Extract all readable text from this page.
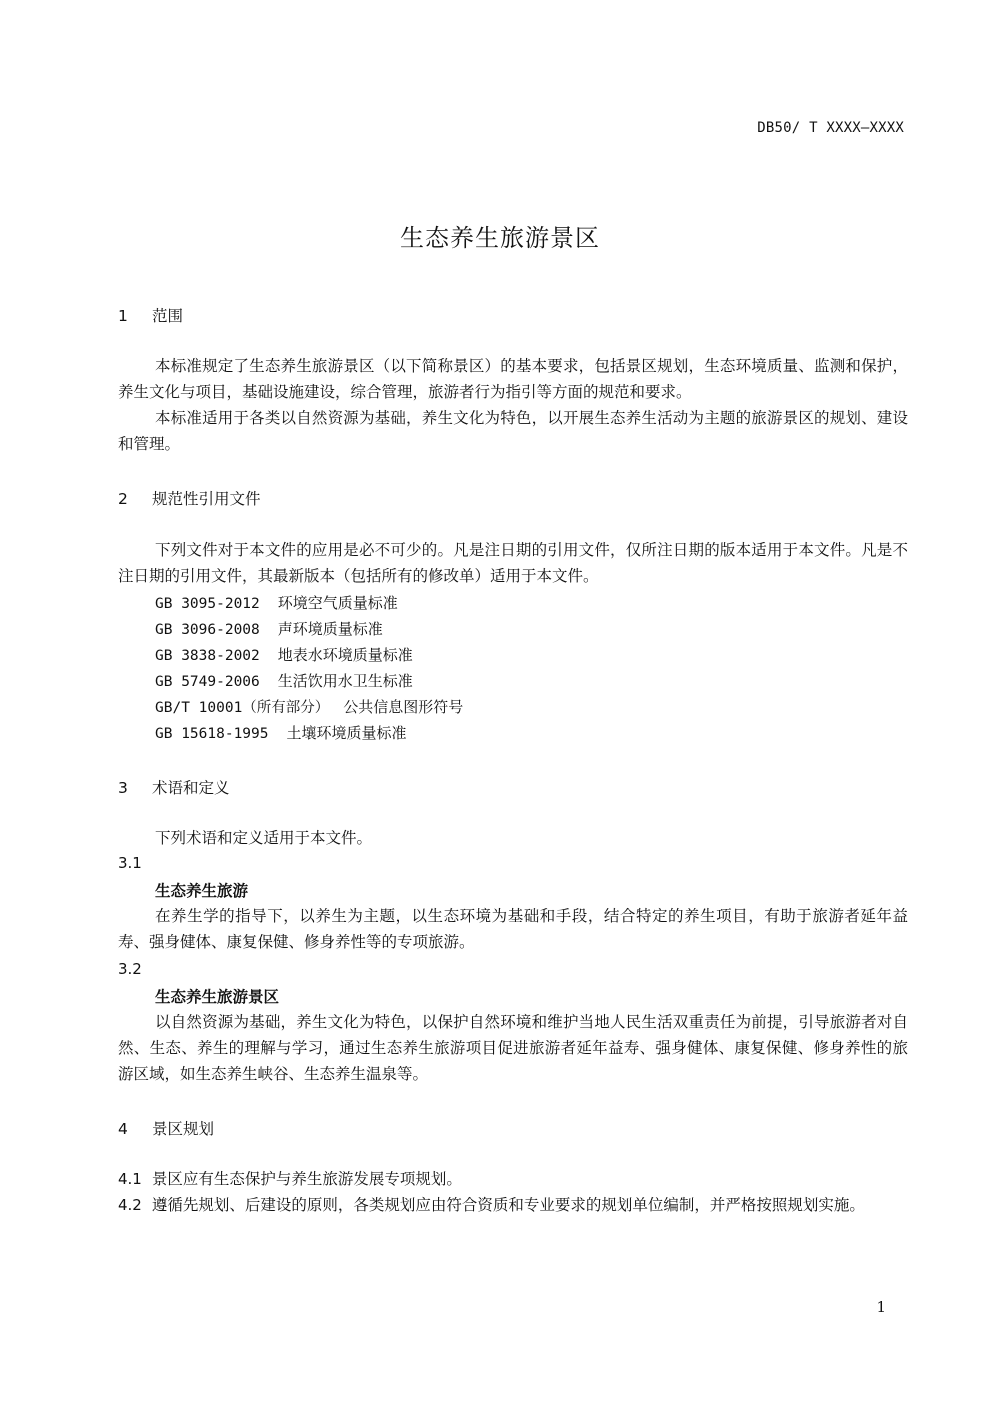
DB50/ T XXXX—XXXX
生态养生旅游景区
1 范围
本标准规定了生态养生旅游景区（以下简称景区）的基本要求，包括景区规划，生态环境质量、监测和保护，养生文化与项目，基础设施建设，综合管理，旅游者行为指引等方面的规范和要求。
本标准适用于各类以自然资源为基础，养生文化为特色，以开展生态养生活动为主题的旅游景区的规划、建设和管理。
2 规范性引用文件
下列文件对于本文件的应用是必不可少的。凡是注日期的引用文件，仅所注日期的版本适用于本文件。凡是不注日期的引用文件，其最新版本（包括所有的修改单）适用于本文件。
GB 3095-2012 环境空气质量标准
GB 3096-2008 声环境质量标准
GB 3838-2002 地表水环境质量标准
GB 5749-2006 生活饮用水卫生标准
GB/T 10001（所有部分） 公共信息图形符号
GB 15618-1995 土壤环境质量标准
3 术语和定义
下列术语和定义适用于本文件。
3.1
生态养生旅游
在养生学的指导下，以养生为主题，以生态环境为基础和手段，结合特定的养生项目，有助于旅游者延年益寿、强身健体、康复保健、修身养性等的专项旅游。
3.2
生态养生旅游景区
以自然资源为基础，养生文化为特色，以保护自然环境和维护当地人民生活双重责任为前提，引导旅游者对自然、生态、养生的理解与学习，通过生态养生旅游项目促进旅游者延年益寿、强身健体、康复保健、修身养性的旅游区域，如生态养生峡谷、生态养生温泉等。
4 景区规划
4.1 景区应有生态保护与养生旅游发展专项规划。
4.2 遵循先规划、后建设的原则，各类规划应由符合资质和专业要求的规划单位编制，并严格按照规划实施。
1
